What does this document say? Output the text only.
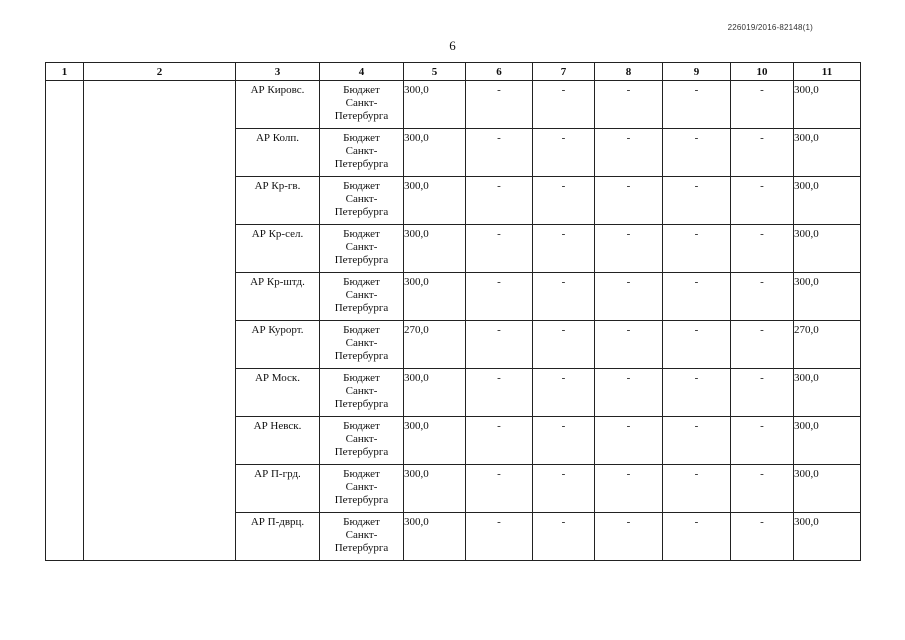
226019/2016-82148(1)
6
1	2	3	4	5	6	7	8	9	10	11
		АР Кировс.	Бюджет
Санкт-
Петербурга	300,0	-	-	-	-	-	300,0
		АР Колп.	Бюджет
Санкт-
Петербурга	300,0	-	-	-	-	-	300,0
		АР Кр-гв.	Бюджет
Санкт-
Петербурга	300,0	-	-	-	-	-	300,0
		АР Кр-сел.	Бюджет
Санкт-
Петербурга	300,0	-	-	-	-	-	300,0
		АР Кр-штд.	Бюджет
Санкт-
Петербурга	300,0	-	-	-	-	-	300,0
		АР Курорт.	Бюджет
Санкт-
Петербурга	270,0	-	-	-	-	-	270,0
		АР Моск.	Бюджет
Санкт-
Петербурга	300,0	-	-	-	-	-	300,0
		АР Невск.	Бюджет
Санкт-
Петербурга	300,0	-	-	-	-	-	300,0
		АР П-грд.	Бюджет
Санкт-
Петербурга	300,0	-	-	-	-	-	300,0
		АР П-дврц.	Бюджет
Санкт-
Петербурга	300,0	-	-	-	-	-	300,0
